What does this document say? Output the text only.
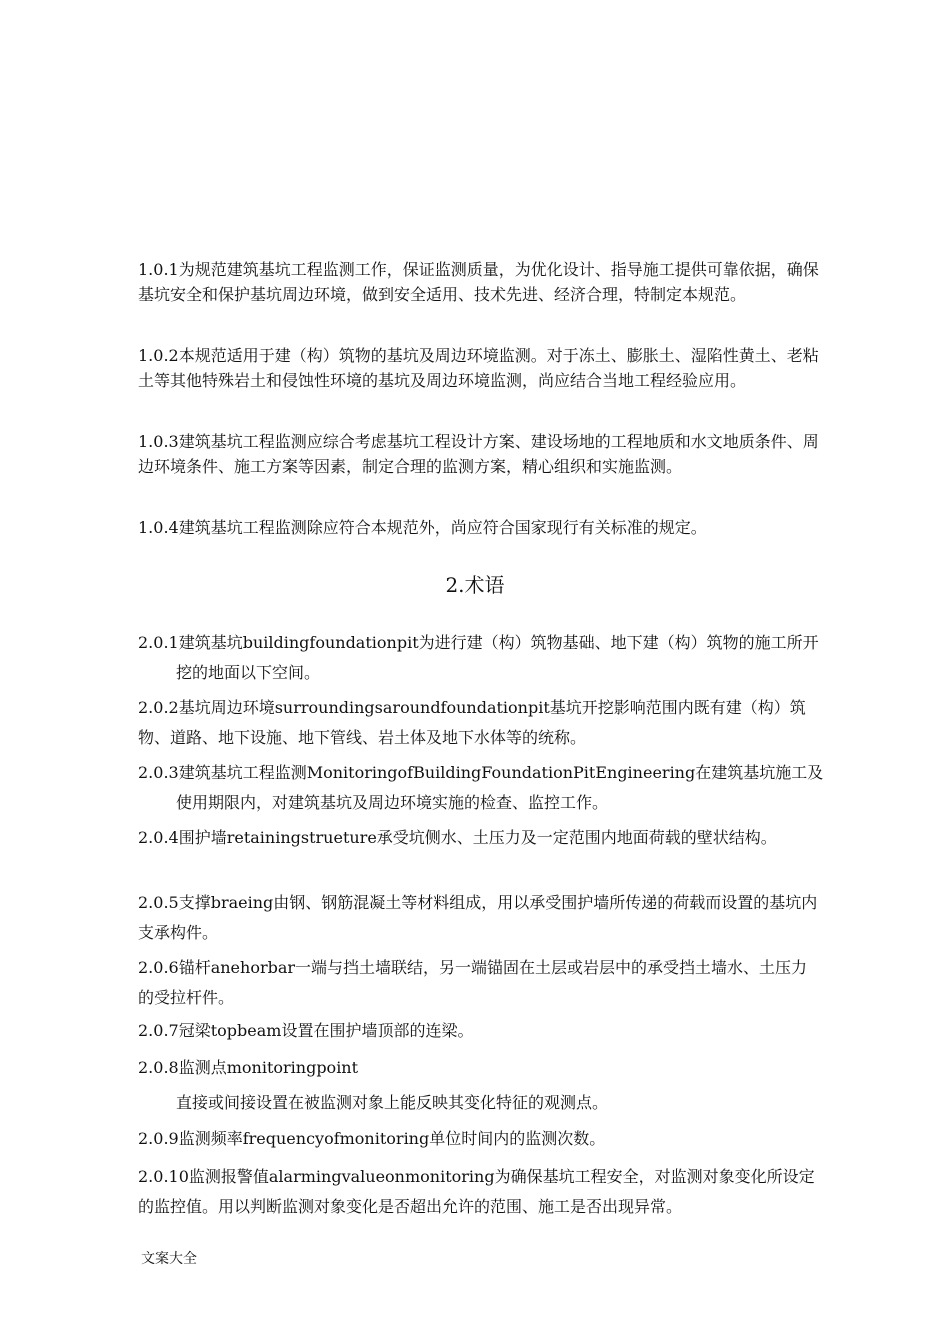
1.0.1为规范建筑基坑工程监测工作，保证监测质量，为优化设计、指导施工提供可靠依据，确保基坑安全和保护基坑周边环境，做到安全适用、技术先进、经济合理，特制定本规范。
1.0.2本规范适用于建（构）筑物的基坑及周边环境监测。对于冻土、膨胀土、湿陷性黄土、老粘土等其他特殊岩土和侵蚀性环境的基坑及周边环境监测，尚应结合当地工程经验应用。
1.0.3建筑基坑工程监测应综合考虑基坑工程设计方案、建设场地的工程地质和水文地质条件、周边环境条件、施工方案等因素，制定合理的监测方案，精心组织和实施监测。
1.0.4建筑基坑工程监测除应符合本规范外，尚应符合国家现行有关标准的规定。
2.术语
2.0.1建筑基坑buildingfoundationpit为进行建（构）筑物基础、地下建（构）筑物的施工所开挖的地面以下空间。
2.0.2基坑周边环境surroundingsaroundfoundationpit基坑开挖影响范围内既有建（构）筑物、道路、地下设施、地下管线、岩土体及地下水体等的统称。
2.0.3建筑基坑工程监测MonitoringofBuildingFoundationPitEngineering在建筑基坑施工及使用期限内，对建筑基坑及周边环境实施的检查、监控工作。
2.0.4围护墙retainingstrueture承受坑侧水、土压力及一定范围内地面荷载的壁状结构。
2.0.5支撑braeing由钢、钢筋混凝土等材料组成，用以承受围护墙所传递的荷载而设置的基坑内支承构件。
2.0.6锚杆anehorbar一端与挡土墙联结，另一端锚固在土层或岩层中的承受挡土墙水、土压力的受拉杆件。
2.0.7冠梁topbeam设置在围护墙顶部的连梁。
2.0.8监测点monitoringpoint
直接或间接设置在被监测对象上能反映其变化特征的观测点。
2.0.9监测频率frequencyofmonitoring单位时间内的监测次数。
2.0.10监测报警值alarmingvalueonmonitoring为确保基坑工程安全，对监测对象变化所设定的监控值。用以判断监测对象变化是否超出允许的范围、施工是否出现异常。
文案大全
